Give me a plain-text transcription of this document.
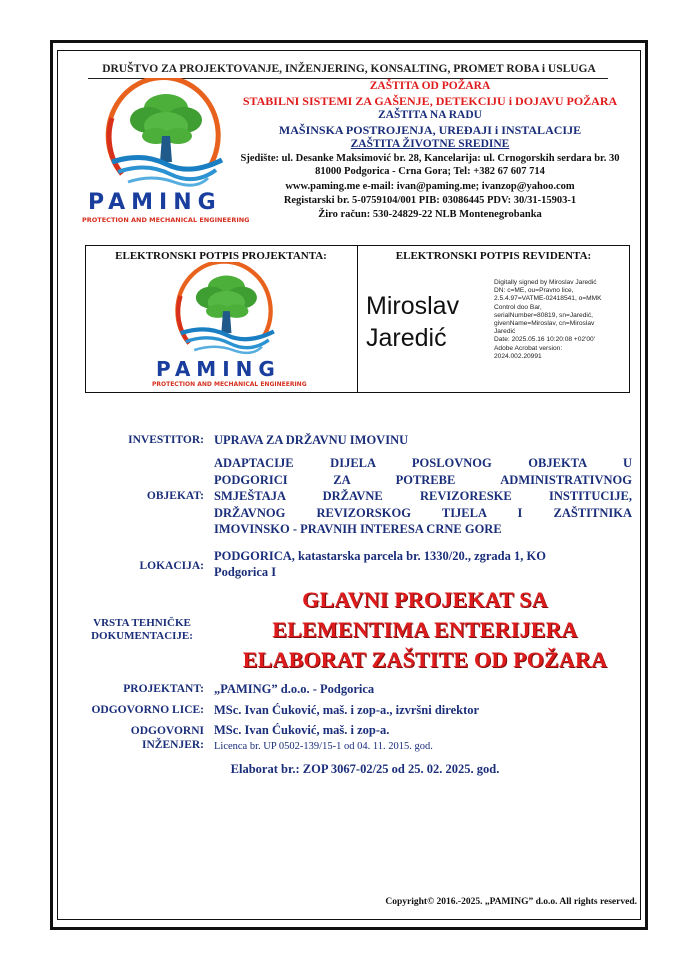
DRUŠTVO ZA PROJEKTOVANJE, INŽENJERING, KONSALTING, PROMET ROBA i USLUGA
ZAŠTITA OD POŽARA
STABILNI SISTEMI ZA GAŠENJE, DETEKCIJU i DOJAVU POŽARA
ZAŠTITA NA RADU
MAŠINSKA POSTROJENJA, UREĐAJI i INSTALACIJE
ZAŠTITA ŽIVOTNE SREDINE
Sjedište: ul. Desanke Maksimović br. 28, Kancelarija: ul. Crnogorskih serdara br. 30
81000 Podgorica - Crna Gora; Tel: +382 67 607 714
www.paming.me e-mail: ivan@paming.me; ivanzop@yahoo.com
Registarski br. 5-0759104/001 PIB: 03086445 PDV: 30/31-15903-1
Žiro račun: 530-24829-22 NLB Montenegrobanka
PAMING
PROTECTION AND MECHANICAL ENGINEERING
ELEKTRONSKI POTPIS PROJEKTANTA:	ELEKTRONSKI POTPIS REVIDENTA:
PAMING
PROTECTION AND MECHANICAL ENGINEERING
Miroslav
Jaredić
Digitally signed by Miroslav Jaredić
DN: c=ME, ou=Pravno lice,
2.5.4.97=VATME-02418541, o=MMK
Control doo Bar,
serialNumber=80819, sn=Jaredić,
givenName=Miroslav, cn=Miroslav
Jaredić
Date: 2025.05.16 10:20:08 +02'00'
Adobe Acrobat version:
2024.002.20991
INVESTITOR: UPRAVA ZA DRŽAVNU IMOVINU
ADAPTACIJE DIJELA POSLOVNOG OBJEKTA U
PODGORICI ZA POTREBE ADMINISTRATIVNOG
SMJEŠTAJA DRŽAVNE REVIZORESKE INSTITUCIJE,
DRŽAVNOG REVIZORSKOG TIJELA I ZAŠTITNIKA
IMOVINSKO - PRAVNIH INTERESA CRNE GORE
OBJEKAT:
LOKACIJA:
PODGORICA, katastarska parcela br. 1330/20., zgrada 1, KO
Podgorica I
VRSTA TEHNIČKE
DOKUMENTACIJE:
GLAVNI PROJEKAT SA
ELEMENTIMA ENTERIJERA
ELABORAT ZAŠTITE OD POŽARA
PROJEKTANT: „PAMING” d.o.o. - Podgorica
ODGOVORNO LICE: MSc. Ivan Ćuković, maš. i zop-a., izvršni direktor
ODGOVORNI
INŽENJER:
MSc. Ivan Ćuković, maš. i zop-a.
Licenca br. UP 0502-139/15-1 od 04. 11. 2015. god.
Elaborat br.: ZOP 3067-02/25 od 25. 02. 2025. god.
Copyright© 2016.-2025. „PAMING” d.o.o. All rights reserved.
